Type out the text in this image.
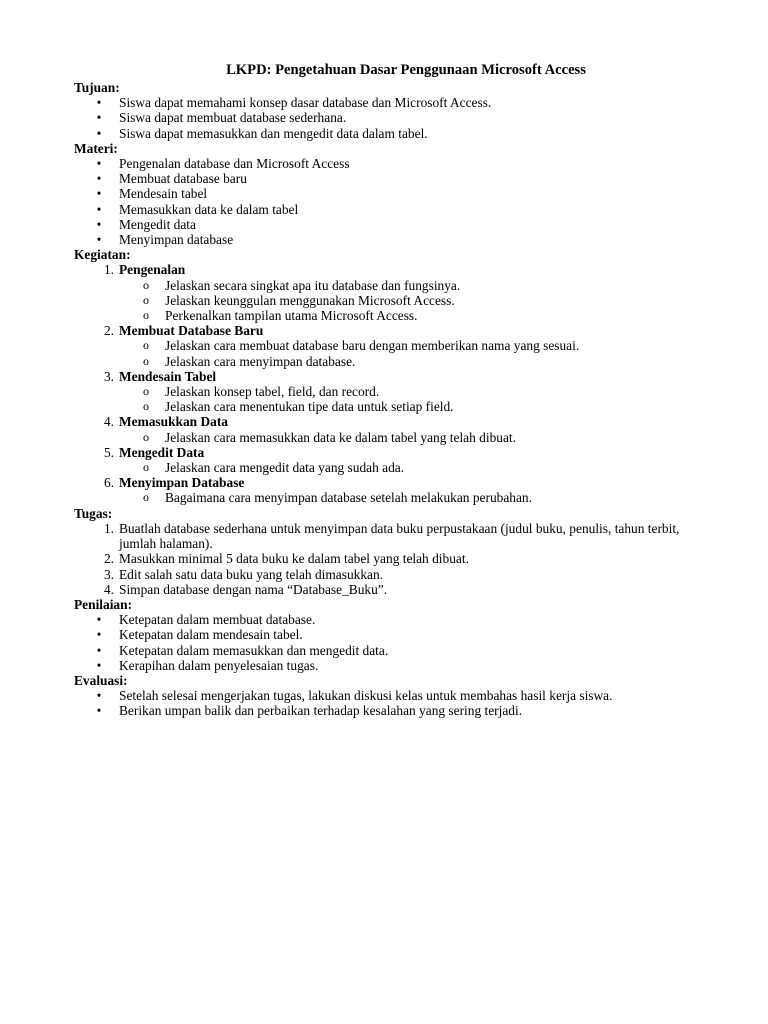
LKPD: Pengetahuan Dasar Penggunaan Microsoft Access
Tujuan:
• Siswa dapat memahami konsep dasar database dan Microsoft Access.
• Siswa dapat membuat database sederhana.
• Siswa dapat memasukkan dan mengedit data dalam tabel.
Materi:
• Pengenalan database dan Microsoft Access
• Membuat database baru
• Mendesain tabel
• Memasukkan data ke dalam tabel
• Mengedit data
• Menyimpan database
Kegiatan:
1. Pengenalan
o Jelaskan secara singkat apa itu database dan fungsinya.
o Jelaskan keunggulan menggunakan Microsoft Access.
o Perkenalkan tampilan utama Microsoft Access.
2. Membuat Database Baru
o Jelaskan cara membuat database baru dengan memberikan nama yang sesuai.
o Jelaskan cara menyimpan database.
3. Mendesain Tabel
o Jelaskan konsep tabel, field, dan record.
o Jelaskan cara menentukan tipe data untuk setiap field.
4. Memasukkan Data
o Jelaskan cara memasukkan data ke dalam tabel yang telah dibuat.
5. Mengedit Data
o Jelaskan cara mengedit data yang sudah ada.
6. Menyimpan Database
o Bagaimana cara menyimpan database setelah melakukan perubahan.
Tugas:
1. Buatlah database sederhana untuk menyimpan data buku perpustakaan (judul buku, penulis, tahun terbit, jumlah halaman).
2. Masukkan minimal 5 data buku ke dalam tabel yang telah dibuat.
3. Edit salah satu data buku yang telah dimasukkan.
4. Simpan database dengan nama “Database_Buku”.
Penilaian:
• Ketepatan dalam membuat database.
• Ketepatan dalam mendesain tabel.
• Ketepatan dalam memasukkan dan mengedit data.
• Kerapihan dalam penyelesaian tugas.
Evaluasi:
• Setelah selesai mengerjakan tugas, lakukan diskusi kelas untuk membahas hasil kerja siswa.
• Berikan umpan balik dan perbaikan terhadap kesalahan yang sering terjadi.
